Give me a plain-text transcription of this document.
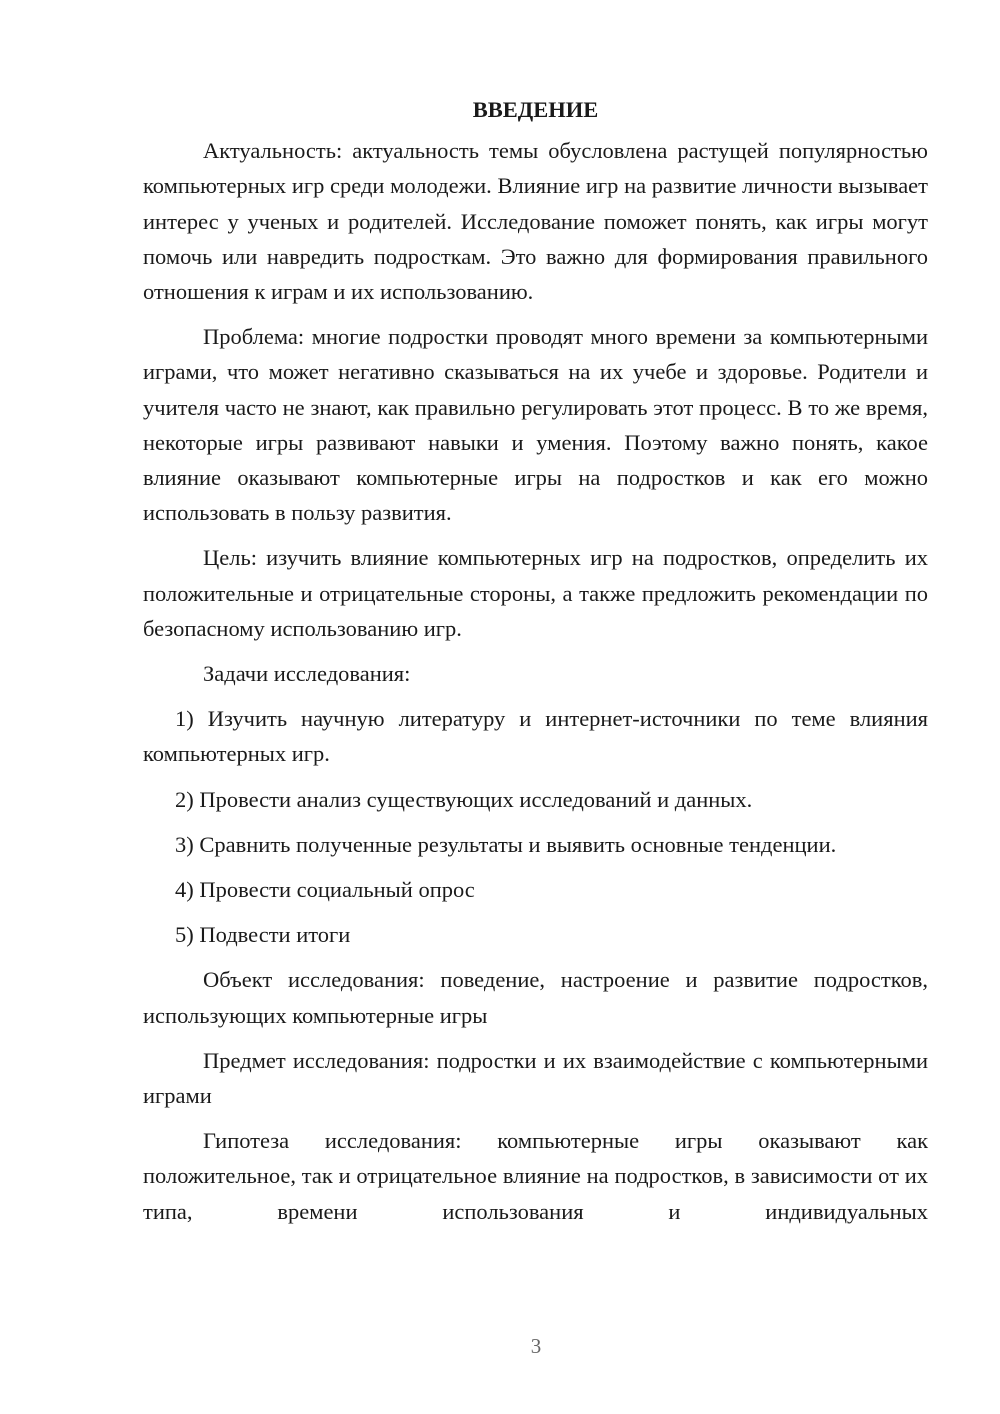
ВВЕДЕНИЕ

Актуальность: актуальность темы обусловлена растущей популярностью компьютерных игр среди молодежи. Влияние игр на развитие личности вызывает интерес у ученых и родителей. Исследование поможет понять, как игры могут помочь или навредить подросткам. Это важно для формирования правильного отношения к играм и их использованию.

Проблема: многие подростки проводят много времени за компьютерными играми, что может негативно сказываться на их учебе и здоровье. Родители и учителя часто не знают, как правильно регулировать этот процесс. В то же время, некоторые игры развивают навыки и умения. Поэтому важно понять, какое влияние оказывают компьютерные игры на подростков и как его можно использовать в пользу развития.

Цель: изучить влияние компьютерных игр на подростков, определить их положительные и отрицательные стороны, а также предложить рекомендации по безопасному использованию игр.

Задачи исследования:

1) Изучить научную литературу и интернет-источники по теме влияния компьютерных игр.

2) Провести анализ существующих исследований и данных.

3) Сравнить полученные результаты и выявить основные тенденции.

4) Провести социальный опрос

5) Подвести итоги

Объект исследования: поведение, настроение и развитие подростков, использующих компьютерные игры

Предмет исследования: подростки и их взаимодействие с компьютерными играми

Гипотеза исследования: компьютерные игры оказывают как положительное, так и отрицательное влияние на подростков, в зависимости от их типа, времени использования и индивидуальных

3
